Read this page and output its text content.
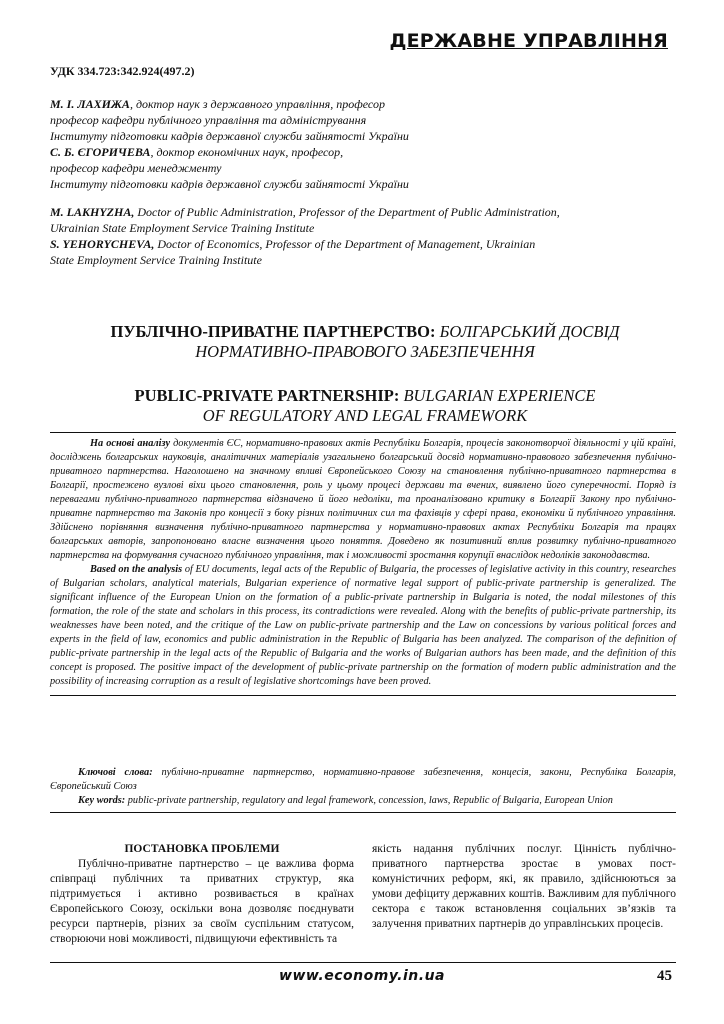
ДЕРЖАВНЕ УПРАВЛІННЯ
УДК 334.723:342.924(497.2)

М. І. ЛАХИЖА, доктор наук з державного управління, професор

професор кафедри публічного управління та адміністрування

Інституту підготовки кадрів державної служби зайнятості України

С. Б. ЄГОРИЧЕВА, доктор економічних наук, професор,

професор кафедри менеджменту

Інституту підготовки кадрів державної служби зайнятості України

M. LAKHYZHA, Doctor of Public Administration, Professor of the Department of Public Administration,

Ukrainian State Employment Service Training Institute

S. YEHORYCHEVA, Doctor of Economics, Professor of the Department of Management, Ukrainian

State Employment Service Training Institute

ПУБЛІЧНО-ПРИВАТНЕ ПАРТНЕРСТВО: БОЛГАРСЬКИЙ ДОСВІД
НОРМАТИВНО-ПРАВОВОГО ЗАБЕЗПЕЧЕННЯ
PUBLIC-PRIVATE PARTNERSHIP: BULGARIAN EXPERIENCE
OF REGULATORY AND LEGAL FRAMEWORK

На основі аналізу документів ЄС, нормативно-правових актів Республіки Болгарія, процесів законотворчої діяльності у цій країні, досліджень болгарських науковців, аналітичних матеріалів узагальнено болгарський досвід нормативно-правового забезпечення публічно-приватного партнерства. Наголошено на значному впливі Європейського Союзу на становлення публічно-приватного партнерства в Болгарії, простежено вузлові віхи цього становлення, роль у цьому процесі держави та вчених, виявлено його суперечності. Поряд із перевагами публічно-приватного партнерства відзначено й його недоліки, та проаналізовано критику в Болгарії Закону про публічно-приватне партнерство та Законів про концесії з боку різних політичних сил та фахівців у сфері права, економіки й публічного управління. Здійснено порівняння визначення публічно-приватного партнерства у нормативно-правових актах Республіки Болгарія та працях болгарських авторів, запропоновано власне визначення цього поняття. Доведено як позитивний вплив розвитку публічно-приватного партнерства на формування сучасного публічного управління, так і можливості зростання корупції внаслідок недоліків законодавства.

Based on the analysis of EU documents, legal acts of the Republic of Bulgaria, the processes of legislative activity in this country, researches of Bulgarian scholars, analytical materials, Bulgarian experience of normative legal support of public-private partnership is generalized. The significant influence of the European Union on the formation of a public-private partnership in Bulgaria is noted, the nodal milestones of this formation, the role of the state and scholars in this process, its contradictions were revealed. Along with the benefits of public-private partnership, its weaknesses have been noted, and the critique of the Law on public-private partnership and the Law on concessions by various political forces and experts in the field of law, economics and public administration in the Republic of Bulgaria has been analyzed. The comparison of the definition of public-private partnership in the legal acts of the Republic of Bulgaria and the works of Bulgarian authors has been made, and the definition of this concept is proposed. The positive impact of the development of public-private partnership on the formation of modern public administration and the possibility of increasing corruption as a result of legislative shortcomings have been proved.

Ключові слова: публічно-приватне партнерство, нормативно-правове забезпечення, концесія, закони, Республіка Болгарія, Європейський Союз

Key words: public-private partnership, regulatory and legal framework, concession, laws, Republic of Bulgaria, European Union

ПОСТАНОВКА ПРОБЛЕМИ

Публічно-приватне партнерство – це важлива форма співпраці публічних та приватних структур, яка підтримується і активно розвивається в країнах Європейського Союзу, оскільки вона дозволяє поєднувати ресурси партнерів, різних за своїм суспільним статусом, створюючи нові можливості, підвищуючи ефективність та

якість надання публічних послуг. Цінність публічно-приватного партнерства зростає в умовах пост-комуністичних реформ, які, як правило, здійснюються за умови дефіциту державних коштів. Важливим для публічного сектора є також встановлення соціальних зв’язків та залучення приватних партнерів до управлінських процесів.

www.economy.in.ua	45
